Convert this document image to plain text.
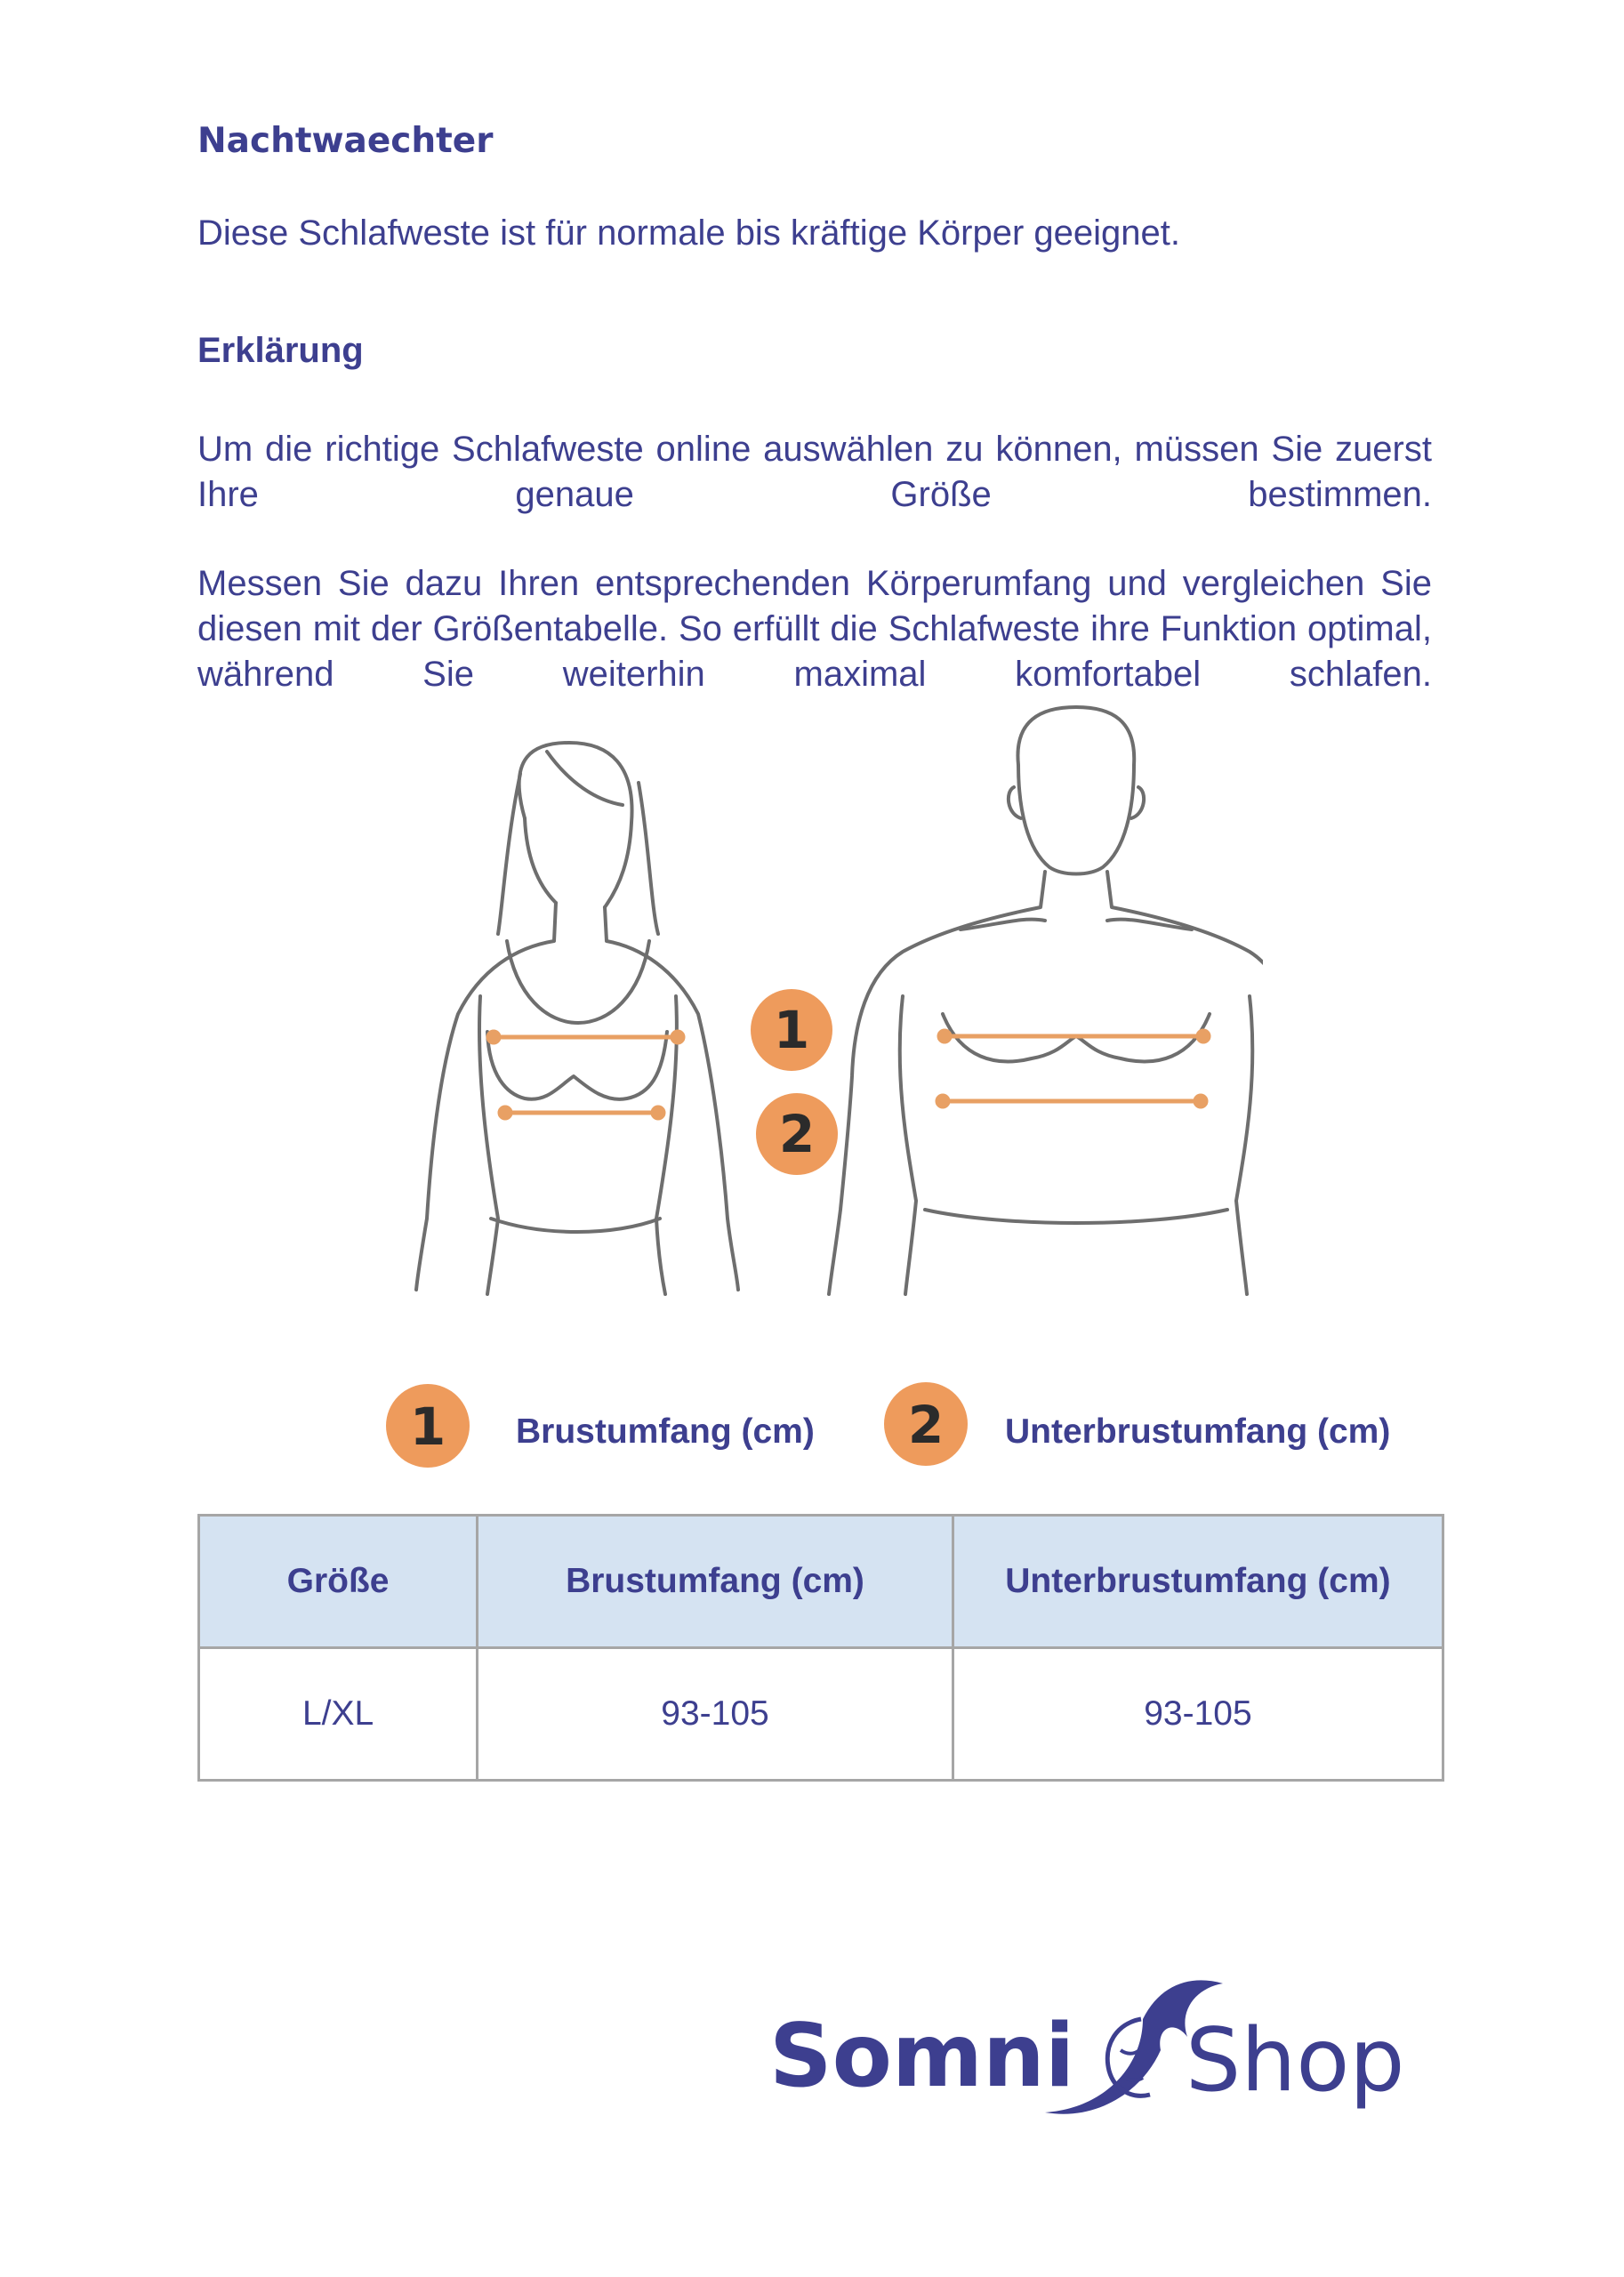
Nachtwaechter
Diese Schlafweste ist für normale bis kräftige Körper geeignet.
Erklärung
Um die richtige Schlafweste online auswählen zu können, müssen Sie zuerst Ihre genaue Größe bestimmen.
Messen Sie dazu Ihren entsprechenden Körperumfang und vergleichen Sie diesen mit der Größentabelle. So erfüllt die Schlafweste ihre Funktion optimal, während Sie weiterhin maximal komfortabel schlafen.
1
2
1 Brustumfang (cm) 2 Unterbrustumfang (cm)
Größe	Brustumfang (cm)	Unterbrustumfang (cm)
L/XL	93-105	93-105
Somni Shop
